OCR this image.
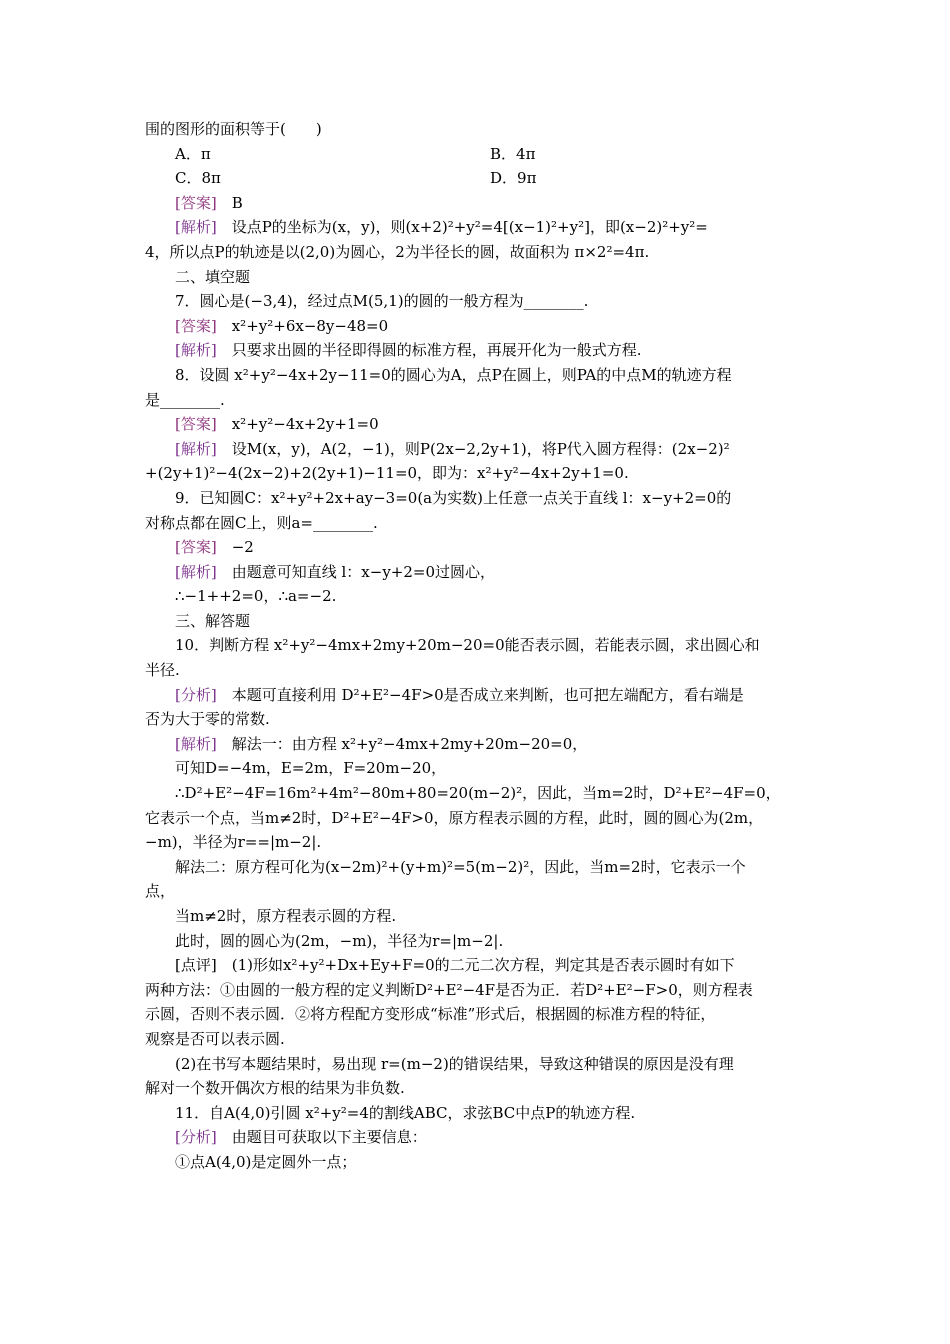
围的图形的面积等于(　　)
A．π	B．4π
C．8π	D．9π
[答案]　B
[解析]　设点P的坐标为(x，y)，则(x+2)²+y²=4[(x−1)²+y²]，即(x−2)²+y²=
4，所以点P的轨迹是以(2,0)为圆心，2为半径长的圆，故面积为 π×2²=4π.
二、填空题
7．圆心是(−3,4)，经过点M(5,1)的圆的一般方程为________.
[答案]　x²+y²+6x−8y−48=0
[解析]　只要求出圆的半径即得圆的标准方程，再展开化为一般式方程.
8．设圆 x²+y²−4x+2y−11=0的圆心为A，点P在圆上，则PA的中点M的轨迹方程
是________.
[答案]　x²+y²−4x+2y+1=0
[解析]　设M(x，y)，A(2，−1)，则P(2x−2,2y+1)，将P代入圆方程得：(2x−2)²
+(2y+1)²−4(2x−2)+2(2y+1)−11=0，即为：x²+y²−4x+2y+1=0.
9．已知圆C：x²+y²+2x+ay−3=0(a为实数)上任意一点关于直线 l：x−y+2=0的
对称点都在圆C上，则a=________.
[答案]　−2
[解析]　由题意可知直线 l：x−y+2=0过圆心，
∴−1++2=0，∴a=−2.
三、解答题
10．判断方程 x²+y²−4mx+2my+20m−20=0能否表示圆，若能表示圆，求出圆心和
半径.
[分析]　本题可直接利用 D²+E²−4F>0是否成立来判断，也可把左端配方，看右端是
否为大于零的常数.
[解析]　解法一：由方程 x²+y²−4mx+2my+20m−20=0，
可知D=−4m，E=2m，F=20m−20，
∴D²+E²−4F=16m²+4m²−80m+80=20(m−2)²，因此，当m=2时，D²+E²−4F=0，
它表示一个点，当m≠2时，D²+E²−4F>0，原方程表示圆的方程，此时，圆的圆心为(2m，
−m)，半径为r==|m−2|.
解法二：原方程可化为(x−2m)²+(y+m)²=5(m−2)²，因此，当m=2时，它表示一个
点，
当m≠2时，原方程表示圆的方程.
此时，圆的圆心为(2m，−m)，半径为r=|m−2|.
[点评]　(1)形如x²+y²+Dx+Ey+F=0的二元二次方程，判定其是否表示圆时有如下
两种方法：①由圆的一般方程的定义判断D²+E²−4F是否为正．若D²+E²−F>0，则方程表
示圆，否则不表示圆．②将方程配方变形成“标准”形式后，根据圆的标准方程的特征，
观察是否可以表示圆.
(2)在书写本题结果时，易出现 r=(m−2)的错误结果，导致这种错误的原因是没有理
解对一个数开偶次方根的结果为非负数.
11．自A(4,0)引圆 x²+y²=4的割线ABC，求弦BC中点P的轨迹方程.
[分析]　由题目可获取以下主要信息：
①点A(4,0)是定圆外一点；
